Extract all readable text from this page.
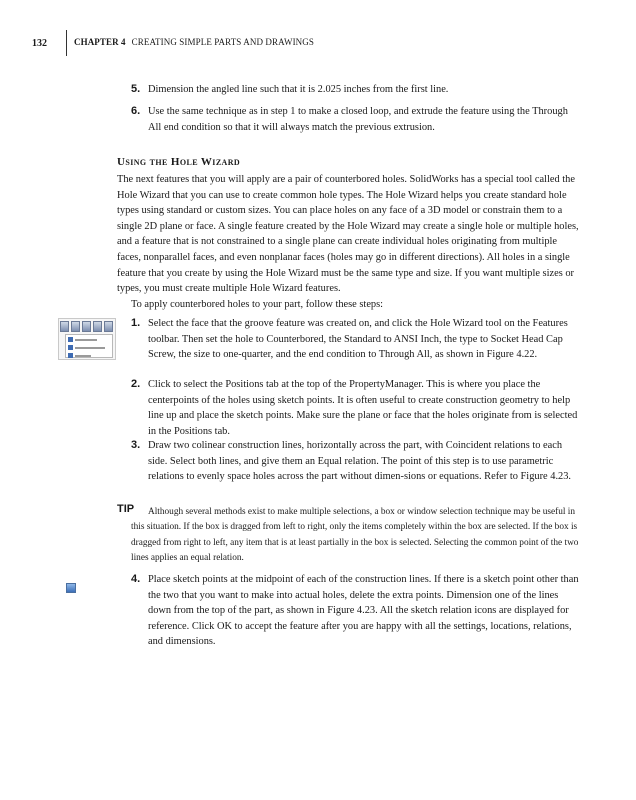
132	CHAPTER 4 CREATING SIMPLE PARTS AND DRAWINGS
5. Dimension the angled line such that it is 2.025 inches from the first line.
6. Use the same technique as in step 1 to make a closed loop, and extrude the feature using the Through All end condition so that it will always match the previous extrusion.
Using the Hole Wizard
The next features that you will apply are a pair of counterbored holes. SolidWorks has a special tool called the Hole Wizard that you can use to create common hole types. The Hole Wizard helps you create standard hole types using standard or custom sizes. You can place holes on any face of a 3D model or constrain them to a single 2D plane or face. A single feature created by the Hole Wizard may create a single hole or multiple holes, and a feature that is not constrained to a single plane can create individual holes originating from multiple faces, nonparallel faces, and even nonplanar faces (holes may go in different directions). All holes in a single feature that you create by using the Hole Wizard must be the same type and size. If you want multiple sizes or types, you must create multiple Hole Wizard features.
To apply counterbored holes to your part, follow these steps:
1. Select the face that the groove feature was created on, and click the Hole Wizard tool on the Features toolbar. Then set the hole to Counterbored, the Standard to ANSI Inch, the type to Socket Head Cap Screw, the size to one-quarter, and the end condition to Through All, as shown in Figure 4.22.
2. Click to select the Positions tab at the top of the PropertyManager. This is where you place the centerpoints of the holes using sketch points. It is often useful to create construction geometry to help line up and place the sketch points. Make sure the plane or face that the holes originate from is selected in the Positions tab.
3. Draw two colinear construction lines, horizontally across the part, with Coincident relations to each side. Select both lines, and give them an Equal relation. The point of this step is to use parametric relations to evenly space holes across the part without dimen-sions or equations. Refer to Figure 4.23.
TIP	Although several methods exist to make multiple selections, a box or window selection technique may be useful in this situation. If the box is dragged from left to right, only the items completely within the box are selected. If the box is dragged from right to left, any item that is at least partially in the box is selected. Selecting the common point of the two lines applies an equal relation.
4. Place sketch points at the midpoint of each of the construction lines. If there is a sketch point other than the two that you want to make into actual holes, delete the extra points. Dimension one of the lines down from the top of the part, as shown in Figure 4.23. All the sketch relation icons are displayed for reference. Click OK to accept the feature after you are happy with all the settings, locations, relations, and dimensions.
